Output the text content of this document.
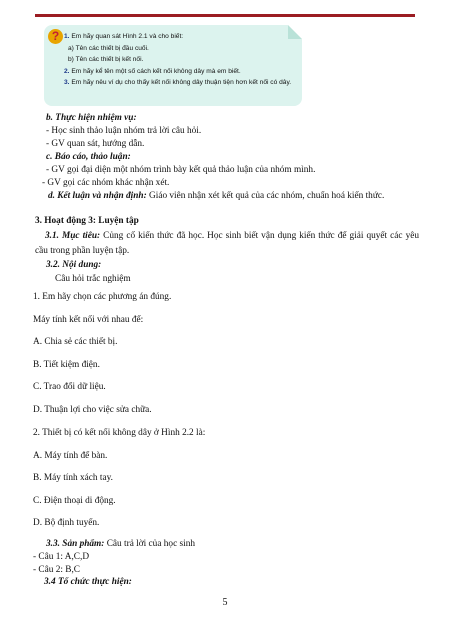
? 1. Em hãy quan sát Hình 2.1 và cho biết:
a) Tên các thiết bị đầu cuối.
b) Tên các thiết bị kết nối.
2. Em hãy kể tên một số cách kết nối không dây mà em biết.
3. Em hãy nêu ví dụ cho thấy kết nối không dây thuận tiện hơn kết nối có dây.
b. Thực hiện nhiệm vụ:
- Học sinh thảo luận nhóm trả lời câu hỏi.
- GV quan sát, hướng dẫn.
c. Báo cáo, thảo luận:
- GV gọi đại diện một nhóm trình bày kết quả thảo luận của nhóm mình.
- GV gọi các nhóm khác nhận xét.
d. Kết luận và nhận định: Giáo viên nhận xét kết quả của các nhóm, chuẩn hoá kiến thức.
3. Hoạt động 3: Luyện tập
3.1. Mục tiêu: Củng cố kiến thức đã học. Học sinh biết vận dụng kiến thức để giải quyết các yêu cầu trong phần luyện tập.
3.2. Nội dung:
Câu hỏi trắc nghiệm
1. Em hãy chọn các phương án đúng.
Máy tính kết nối với nhau để:
A. Chia sẻ các thiết bị.
B. Tiết kiệm điện.
C. Trao đổi dữ liệu.
D. Thuận lợi cho việc sửa chữa.
2. Thiết bị có kết nối không dây ở Hình 2.2 là:
A. Máy tính để bàn.
B. Máy tính xách tay.
C. Điện thoại di động.
D. Bộ định tuyến.
3.3. Sản phẩm: Câu trả lời của học sinh
- Câu 1: A,C,D
- Câu 2: B,C
3.4 Tổ chức thực hiện:
5
